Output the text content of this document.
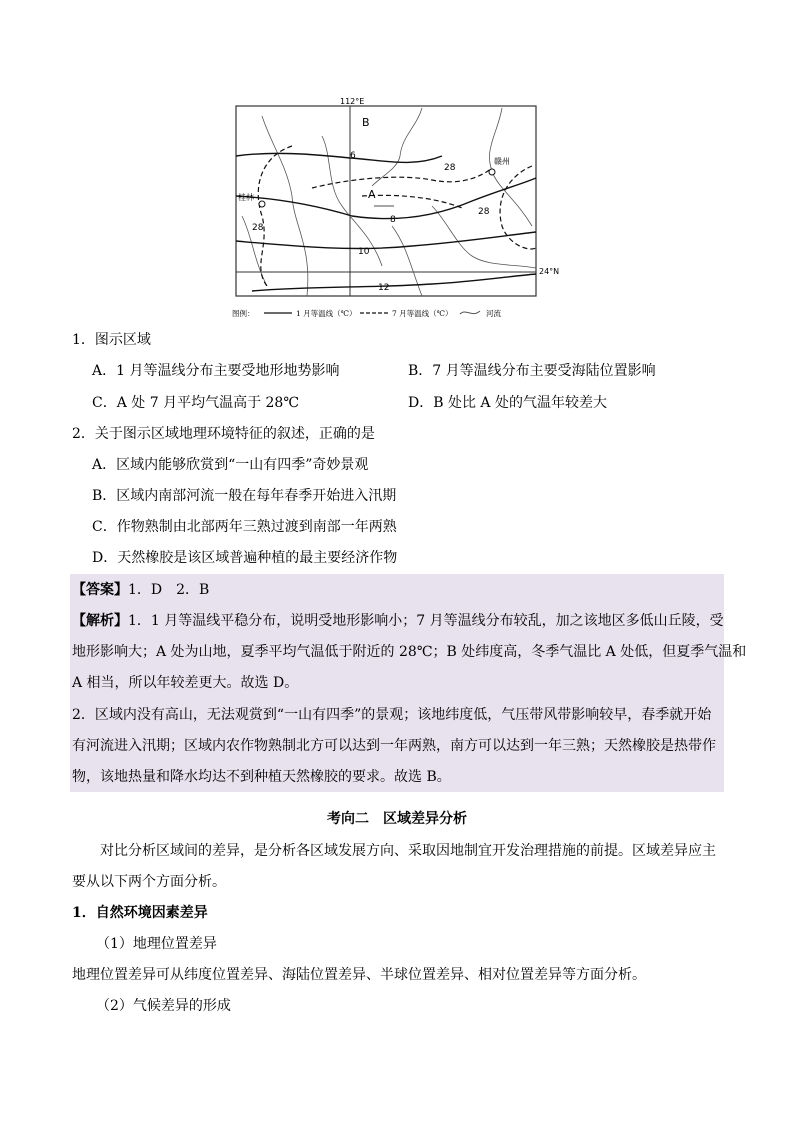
112°E
24°N
桂林
赣州
B
A
6
8
10
12
28
28
28
图例：	1 月等温线（℃）	7 月等温线（℃）	河流
1．图示区域
A．1 月等温线分布主要受地形地势影响	B．7 月等温线分布主要受海陆位置影响
C．A 处 7 月平均气温高于 28℃	D．B 处比 A 处的气温年较差大
2．关于图示区域地理环境特征的叙述，正确的是
A．区域内能够欣赏到“一山有四季”奇妙景观
B．区域内南部河流一般在每年春季开始进入汛期
C．作物熟制由北部两年三熟过渡到南部一年两熟
D．天然橡胶是该区域普遍种植的最主要经济作物
【答案】1．D　2．B
【解析】1．1 月等温线平稳分布，说明受地形影响小；7 月等温线分布较乱，加之该地区多低山丘陵，受
地形影响大；A 处为山地，夏季平均气温低于附近的 28℃；B 处纬度高，冬季气温比 A 处低，但夏季气温和
A 相当，所以年较差更大。故选 D。
2．区域内没有高山，无法观赏到“一山有四季”的景观；该地纬度低，气压带风带影响较早，春季就开始
有河流进入汛期；区域内农作物熟制北方可以达到一年两熟，南方可以达到一年三熟；天然橡胶是热带作
物，该地热量和降水均达不到种植天然橡胶的要求。故选 B。
考向二　区域差异分析
对比分析区域间的差异，是分析各区域发展方向、采取因地制宜开发治理措施的前提。区域差异应主
要从以下两个方面分析。
1．自然环境因素差异
（1）地理位置差异
地理位置差异可从纬度位置差异、海陆位置差异、半球位置差异、相对位置差异等方面分析。
（2）气候差异的形成
